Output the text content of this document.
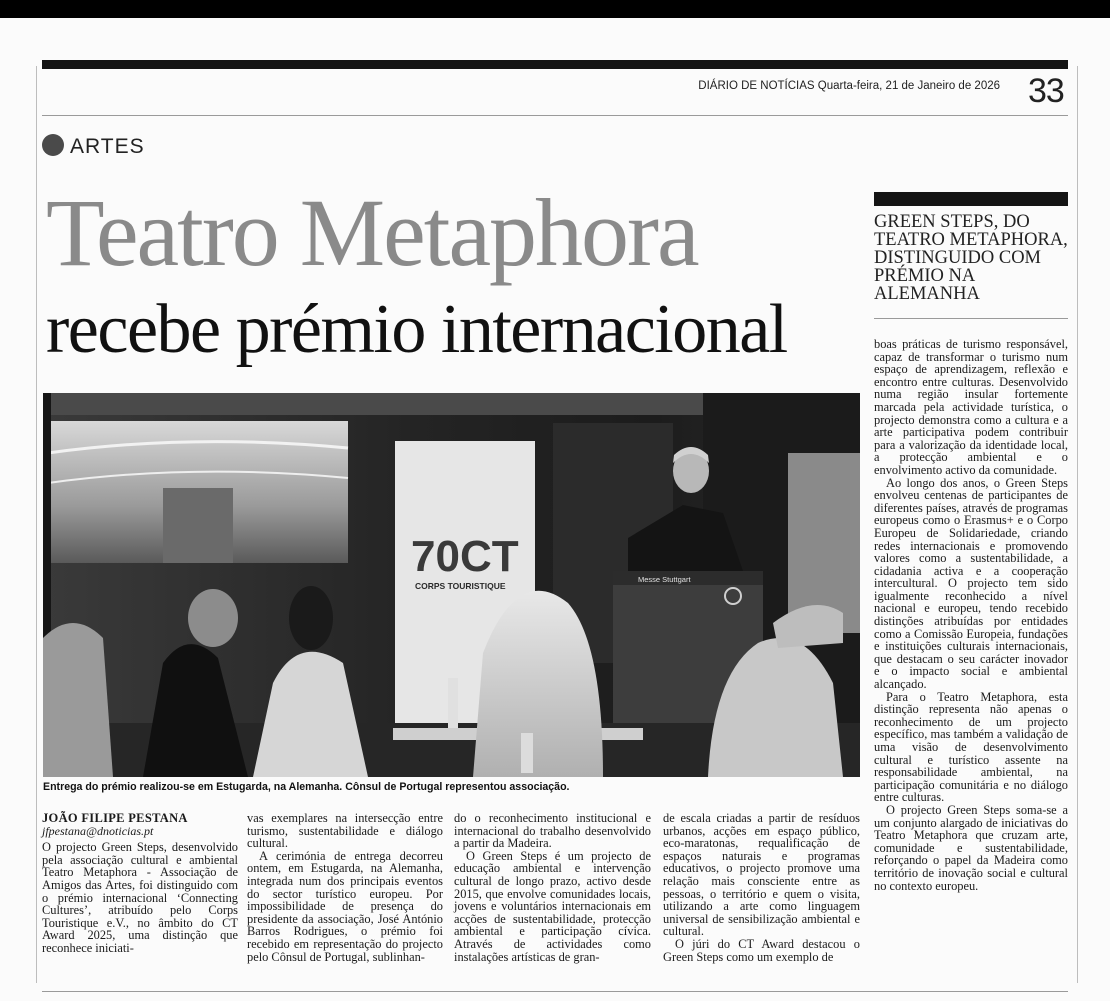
DIÁRIO DE NOTÍCIAS Quarta-feira, 21 de Janeiro de 2026 33
ARTES
Teatro Metaphora
recebe prémio internacional
GREEN STEPS, DO TEATRO METAPHORA, DISTINGUIDO COM PRÉMIO NA ALEMANHA
70CT
CORPS TOURISTIQUE
Messe Stuttgart
Entrega do prémio realizou-se em Estugarda, na Alemanha. Cônsul de Portugal representou associação.
JOÃO FILIPE PESTANA
jfpestana@dnoticias.pt

O projecto Green Steps, desenvolvido pela associação cultural e ambiental Teatro Metaphora - Associação de Amigos das Artes, foi distinguido com o prémio internacional ‘Connecting Cultures’, atribuído pelo Corps Touristique e.V., no âmbito do CT Award 2025, uma distinção que reconhece iniciati-

vas exemplares na intersecção entre turismo, sustentabilidade e diálogo cultural.

A cerimónia de entrega decorreu ontem, em Estugarda, na Alemanha, integrada num dos principais eventos do sector turístico europeu. Por impossibilidade de presença do presidente da associação, José António Barros Rodrigues, o prémio foi recebido em representação do projecto pelo Cônsul de Portugal, sublinhan-

do o reconhecimento institucional e internacional do trabalho desenvolvido a partir da Madeira.

O Green Steps é um projecto de educação ambiental e intervenção cultural de longo prazo, activo desde 2015, que envolve comunidades locais, jovens e voluntários internacionais em acções de sustentabilidade, protecção ambiental e participação cívica. Através de actividades como instalações artísticas de gran-

de escala criadas a partir de resíduos urbanos, acções em espaço público, eco-maratonas, requalificação de espaços naturais e programas educativos, o projecto promove uma relação mais consciente entre as pessoas, o território e quem o visita, utilizando a arte como linguagem universal de sensibilização ambiental e cultural.

O júri do CT Award destacou o Green Steps como um exemplo de

boas práticas de turismo responsável, capaz de transformar o turismo num espaço de aprendizagem, reflexão e encontro entre culturas. Desenvolvido numa região insular fortemente marcada pela actividade turística, o projecto demonstra como a cultura e a arte participativa podem contribuir para a valorização da identidade local, a protecção ambiental e o envolvimento activo da comunidade.

Ao longo dos anos, o Green Steps envolveu centenas de participantes de diferentes países, através de programas europeus como o Erasmus+ e o Corpo Europeu de Solidariedade, criando redes internacionais e promovendo valores como a sustentabilidade, a cidadania activa e a cooperação intercultural. O projecto tem sido igualmente reconhecido a nível nacional e europeu, tendo recebido distinções atribuídas por entidades como a Comissão Europeia, fundações e instituições culturais internacionais, que destacam o seu carácter inovador e o impacto social e ambiental alcançado.

Para o Teatro Metaphora, esta distinção representa não apenas o reconhecimento de um projecto específico, mas também a validação de uma visão de desenvolvimento cultural e turístico assente na responsabilidade ambiental, na participação comunitária e no diálogo entre culturas.

O projecto Green Steps soma-se a um conjunto alargado de iniciativas do Teatro Metaphora que cruzam arte, comunidade e sustentabilidade, reforçando o papel da Madeira como território de inovação social e cultural no contexto europeu.
